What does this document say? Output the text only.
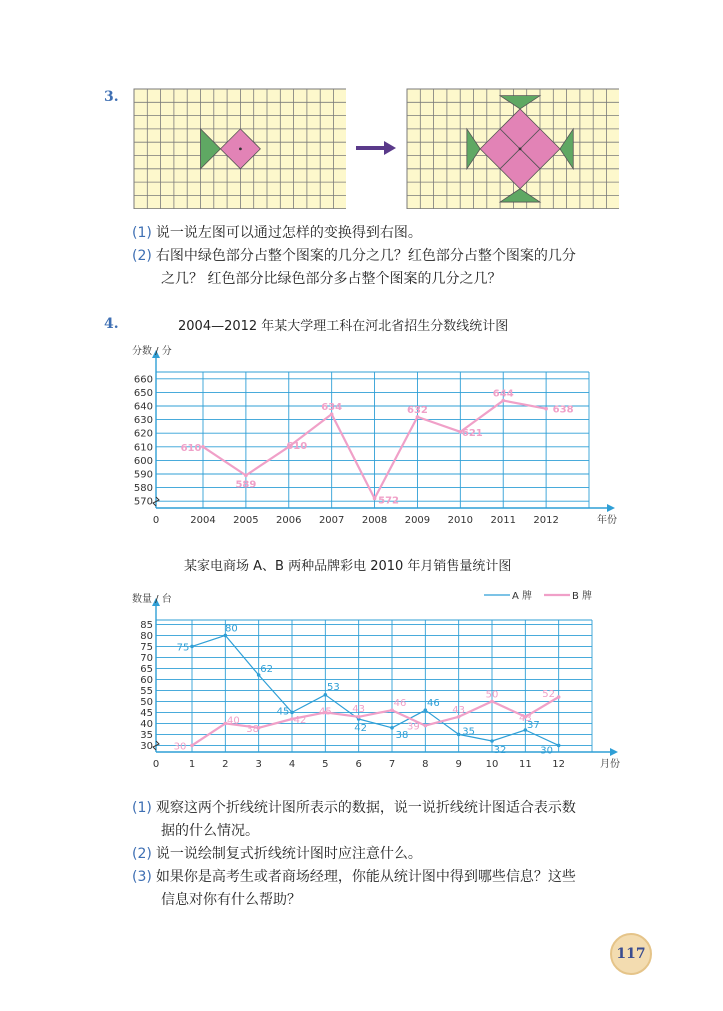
3.
(1) 说一说左图可以通过怎样的变换得到右图。
(2) 右图中绿色部分占整个图案的几分之几？红色部分占整个图案的几分
之几？ 红色部分比绿色部分多占整个图案的几分之几？
4.	2004—2012 年某大学理工科在河北省招生分数线统计图
570
580
590
600
610
620
630
640
650
660
0	2004 2005 2006 2007 2008 2009 2010 2011 2012	年份
分数 / 分
610
589
610
634
572
632
621
644
638
某家电商场 A、B 两种品牌彩电 2010 年月销售量统计图
30
35
40
45
50
55
60
65
70
75
80
85
0	1	2	3	4	5	6	7	8	9 10 11 12	月份
数量 / 台
75
80
62
45
53
42
38
46
35
32
37
30
30
40
38
42
45 43
46
39
43
50
43
52
A 牌	B 牌
(1) 观察这两个折线统计图所表示的数据，说一说折线统计图适合表示数
据的什么情况。
(2) 说一说绘制复式折线统计图时应注意什么。
(3) 如果你是高考生或者商场经理，你能从统计图中得到哪些信息？这些
信息对你有什么帮助？
117
